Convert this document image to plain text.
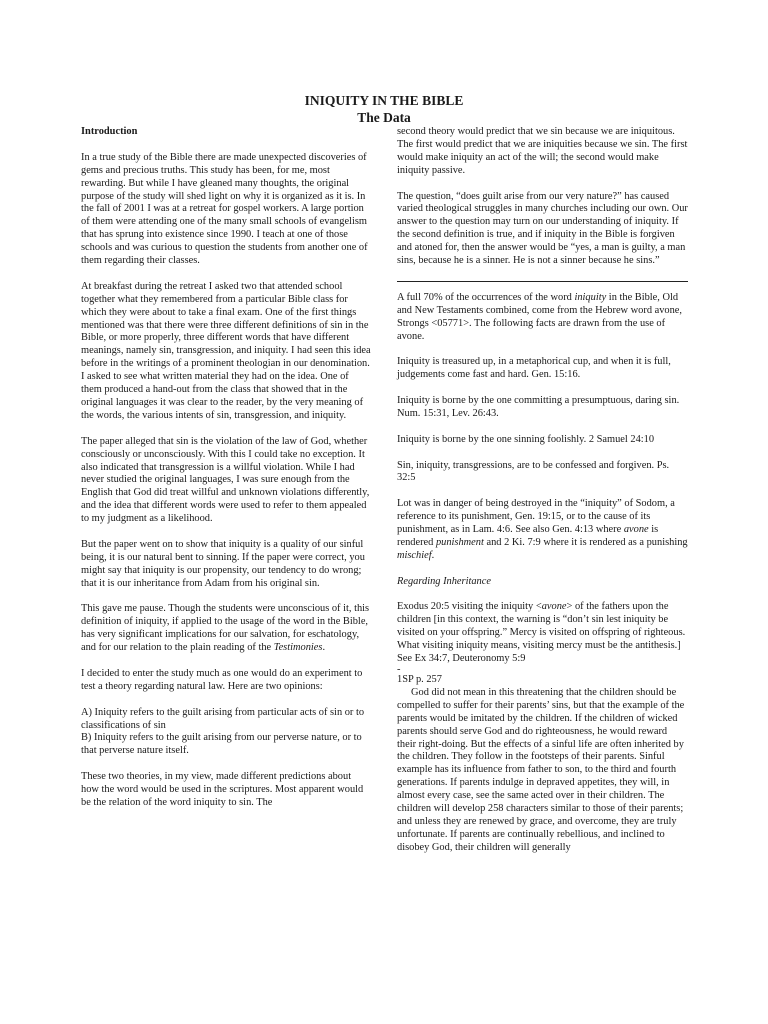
INIQUITY IN THE BIBLE
The Data

Introduction

In a true study of the Bible there are made unexpected discoveries of gems and precious truths. This study has been, for me, most rewarding. But while I have gleaned many thoughts, the original purpose of the study will shed light on why it is organized as it is. In the fall of 2001 I was at a retreat for gospel workers. A large portion of them were attending one of the many small schools of evangelism that has sprung into existence since 1990. I teach at one of those schools and was curious to question the students from another one of them regarding their classes.

At breakfast during the retreat I asked two that attended school together what they remembered from a particular Bible class for which they were about to take a final exam. One of the first things mentioned was that there were three different definitions of sin in the Bible, or more properly, three different words that have different meanings, namely sin, transgression, and iniquity. I had seen this idea before in the writings of a prominent theologian in our denomination. I asked to see what written material they had on the idea. One of them produced a hand-out from the class that showed that in the original languages it was clear to the reader, by the very meaning of the words, the various intents of sin, transgression, and iniquity.

The paper alleged that sin is the violation of the law of God, whether consciously or unconsciously. With this I could take no exception. It also indicated that transgression is a willful violation. While I had never studied the original languages, I was sure enough from the English that God did treat willful and unknown violations differently, and the idea that different words were used to refer to them appealed to my judgment as a likelihood.

But the paper went on to show that iniquity is a quality of our sinful being, it is our natural bent to sinning. If the paper were correct, you might say that iniquity is our propensity, our tendency to do wrong; that it is our inheritance from Adam from his original sin.

This gave me pause. Though the students were unconscious of it, this definition of iniquity, if applied to the usage of the word in the Bible, has very significant implications for our salvation, for eschatology, and for our relation to the plain reading of the Testimonies.

I decided to enter the study much as one would do an experiment to test a theory regarding natural law. Here are two opinions:

A) Iniquity refers to the guilt arising from particular acts of sin or to classifications of sin

B) Iniquity refers to the guilt arising from our perverse nature, or to that perverse nature itself.

These two theories, in my view, made different predictions about how the word would be used in the scriptures. Most apparent would be the relation of the word iniquity to sin. The

second theory would predict that we sin because we are iniquitous. The first would predict that we are iniquities because we sin. The first would make iniquity an act of the will; the second would make iniquity passive.

The question, “does guilt arise from our very nature?” has caused varied theological struggles in many churches including our own. Our answer to the question may turn on our understanding of iniquity. If the second definition is true, and if iniquity in the Bible is forgiven and atoned for, then the answer would be “yes, a man is guilty, a man sins, because he is a sinner. He is not a sinner because he sins.”

A full 70% of the occurrences of the word iniquity in the Bible, Old and New Testaments combined, come from the Hebrew word avone, Strongs <05771>. The following facts are drawn from the use of avone.

Iniquity is treasured up, in a metaphorical cup, and when it is full, judgements come fast and hard. Gen. 15:16.

Iniquity is borne by the one committing a presumptuous, daring sin. Num. 15:31, Lev. 26:43.

Iniquity is borne by the one sinning foolishly. 2 Samuel 24:10

Sin, iniquity, transgressions, are to be confessed and forgiven. Ps. 32:5

Lot was in danger of being destroyed in the “iniquity” of Sodom, a reference to its punishment, Gen. 19:15, or to the cause of its punishment, as in Lam. 4:6. See also Gen. 4:13 where avone is rendered punishment and 2 Ki. 7:9 where it is rendered as a punishing mischief.

Regarding Inheritance

Exodus 20:5 visiting the iniquity <avone> of the fathers upon the children [in this context, the warning is “don’t sin lest iniquity be visited on your offspring.” Mercy is visited on offspring of righteous. What visiting iniquity means, visiting mercy must be the antithesis.] See Ex 34:7, Deuteronomy 5:9

-
1SP p. 257

God did not mean in this threatening that the children should be compelled to suffer for their parents’ sins, but that the example of the parents would be imitated by the children. If the children of wicked parents should serve God and do righteousness, he would reward their right-doing. But the effects of a sinful life are often inherited by the children. They follow in the footsteps of their parents. Sinful example has its influence from father to son, to the third and fourth generations. If parents indulge in depraved appetites, they will, in almost every case, see the same acted over in their children. The children will develop 258 characters similar to those of their parents; and unless they are renewed by grace, and overcome, they are truly unfortunate. If parents are continually rebellious, and inclined to disobey God, their children will generally
